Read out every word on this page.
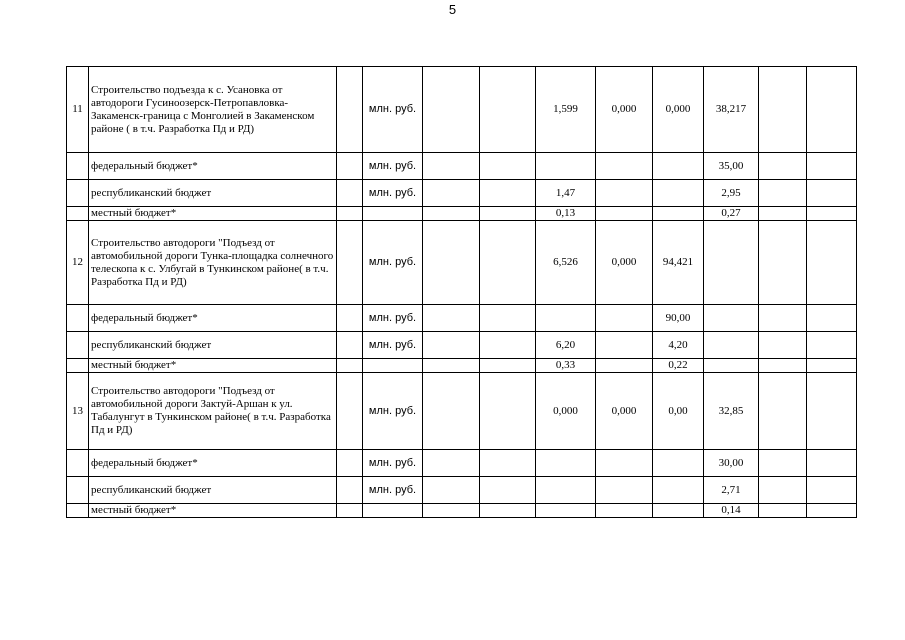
5
11	Строительство подъезда к с. Усановка от автодороги Гусиноозерск-Петропавловка-Закаменск-граница с Монголией в Закаменском районе ( в т.ч. Разработка Пд и РД)		млн. руб.			1,599	0,000	0,000	38,217		
	федеральный бюджет*		млн. руб.						35,00		
	республиканский бюджет		млн. руб.			1,47			2,95		
	местный бюджет*					0,13			0,27		
12	Строительство автодороги "Подъезд от автомобильной дороги Тунка-площадка солнечного телескопа к с. Улбугай в Тункинском районе( в т.ч. Разработка Пд и РД)		млн. руб.			6,526	0,000	94,421			
	федеральный бюджет*		млн. руб.					90,00			
	республиканский бюджет		млн. руб.			6,20		4,20			
	местный бюджет*					0,33		0,22			
13	Строительство автодороги "Подъезд от автомобильной дороги Зактуй-Аршан к ул. Табалунгут в Тункинском районе( в т.ч. Разработка Пд и РД)		млн. руб.			0,000	0,000	0,00	32,85		
	федеральный бюджет*		млн. руб.						30,00		
	республиканский бюджет		млн. руб.						2,71		
	местный бюджет*								0,14		
